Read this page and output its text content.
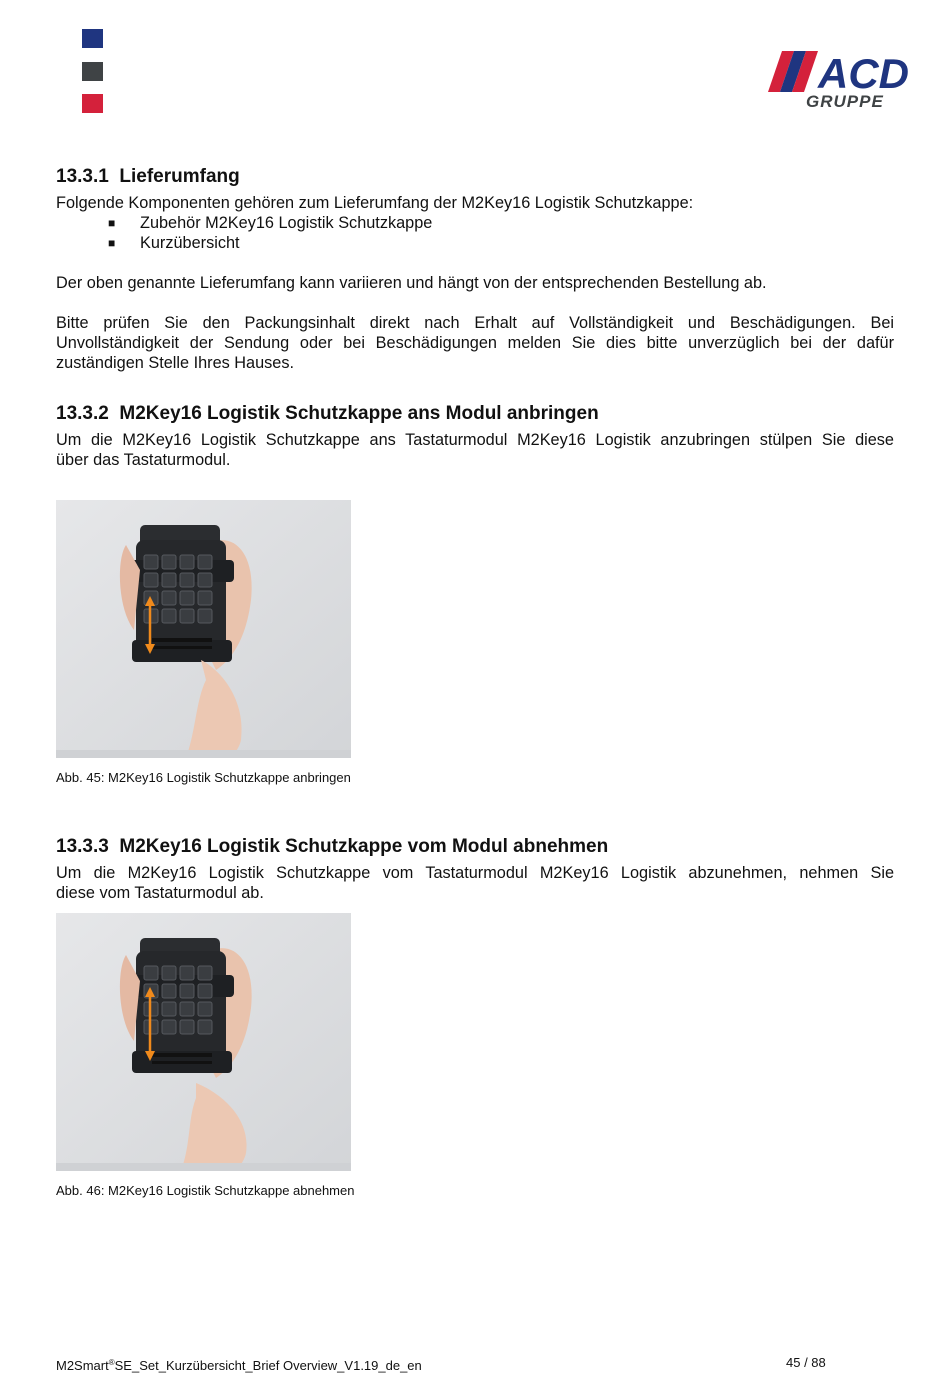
ACD
GRUPPE
13.3.1 Lieferumfang
Folgende Komponenten gehören zum Lieferumfang der M2Key16 Logistik Schutzkappe:
■ Zubehör M2Key16 Logistik Schutzkappe
■ Kurzübersicht
Der oben genannte Lieferumfang kann variieren und hängt von der entsprechenden Bestellung ab.
Bitte prüfen Sie den Packungsinhalt direkt nach Erhalt auf Vollständigkeit und Beschädigungen. Bei
Unvollständigkeit der Sendung oder bei Beschädigungen melden Sie dies bitte unverzüglich bei der dafür
zuständigen Stelle Ihres Hauses.
13.3.2 M2Key16 Logistik Schutzkappe ans Modul anbringen
Um die M2Key16 Logistik Schutzkappe ans Tastaturmodul M2Key16 Logistik anzubringen stülpen Sie diese
über das Tastaturmodul.
Abb. 45: M2Key16 Logistik Schutzkappe anbringen
13.3.3 M2Key16 Logistik Schutzkappe vom Modul abnehmen
Um die M2Key16 Logistik Schutzkappe vom Tastaturmodul M2Key16 Logistik abzunehmen, nehmen Sie
diese vom Tastaturmodul ab.
Abb. 46: M2Key16 Logistik Schutzkappe abnehmen
M2Smart®SE_Set_Kurzübersicht_Brief Overview_V1.19_de_en	45 / 88
